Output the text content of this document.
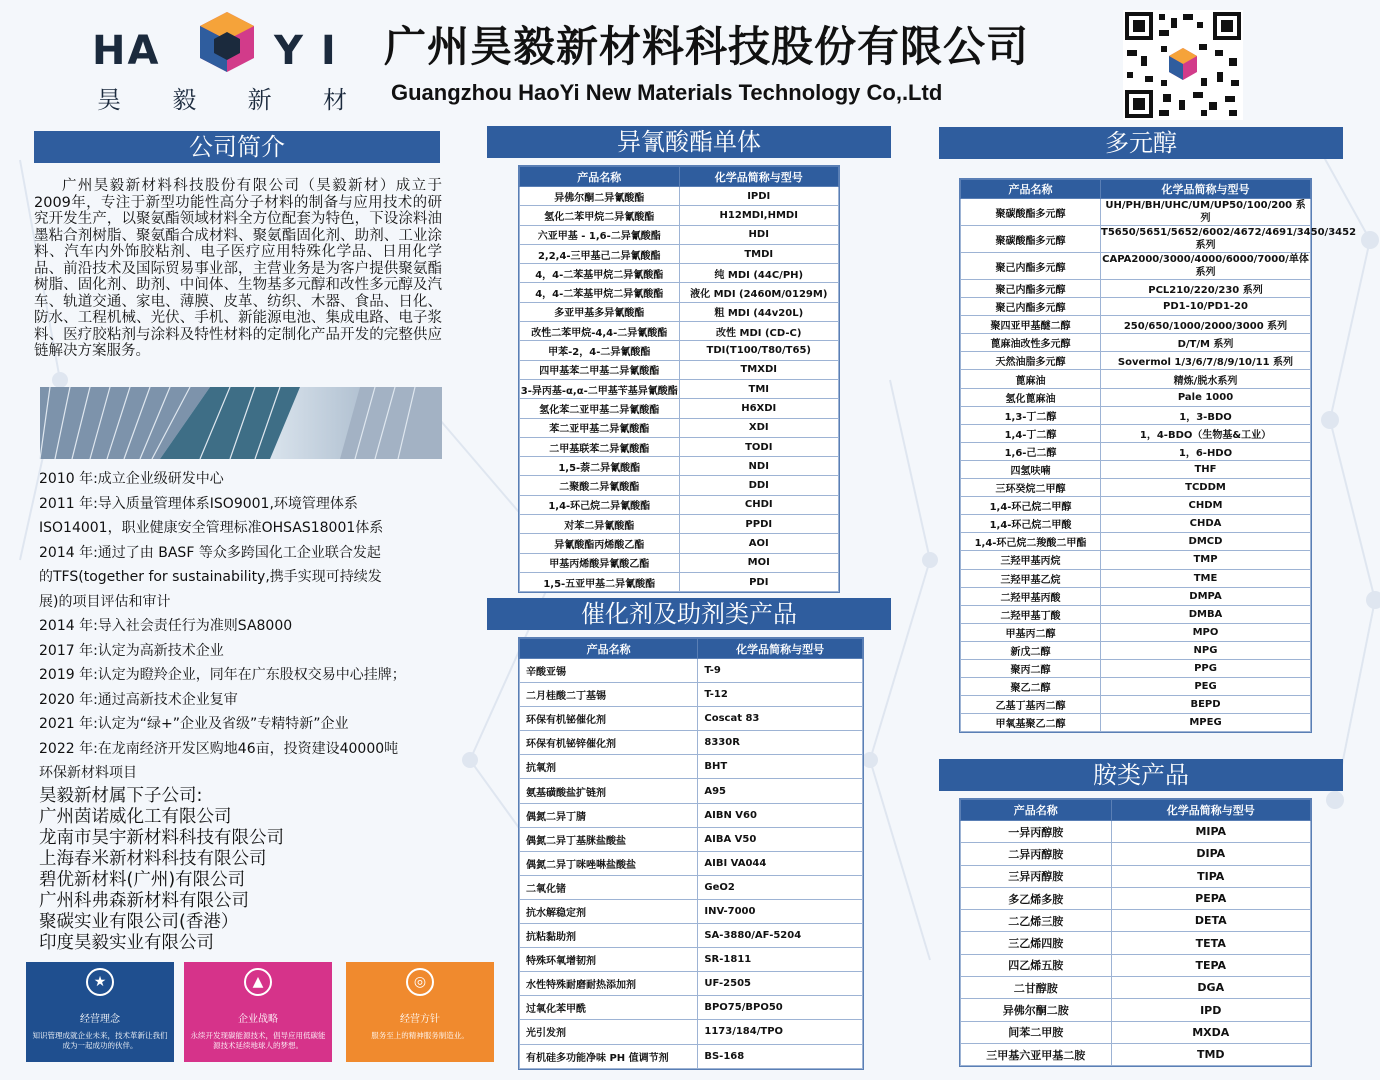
HA	Y I
昊 毅 新 材
广州昊毅新材料科技股份有限公司
Guangzhou HaoYi New Materials Technology Co,.Ltd
公司简介
广州昊毅新材料科技股份有限公司（昊毅新材）成立于2009年，专注于新型功能性高分子材料的制备与应用技术的研究开发生产，以聚氨酯领域材料全方位配套为特色，下设涂料油墨粘合剂树脂、聚氨酯合成材料、聚氨酯固化剂、助剂、工业涂料、汽车内外饰胶粘剂、电子医疗应用特殊化学品、日用化学品、前沿技术及国际贸易事业部，主营业务是为客户提供聚氨酯树脂、固化剂、助剂、中间体、生物基多元醇和改性多元醇及汽车、轨道交通、家电、薄膜、皮革、纺织、木器、食品、日化、防水、工程机械、光伏、手机、新能源电池、集成电路、电子浆料、医疗胶粘剂与涂料及特性材料的定制化产品开发的完整供应链解决方案服务。
2010 年:成立企业级研发中心
2011 年:导入质量管理体系ISO9001,环境管理体系
ISO14001，职业健康安全管理标准OHSAS18001体系
2014 年:通过了由 BASF 等众多跨国化工企业联合发起
的TFS(together for sustainability,携手实现可持续发
展)的项目评估和审计
2014 年:导入社会责任行为准则SA8000
2017 年:认定为高新技术企业
2019 年:认定为瞪羚企业，同年在广东股权交易中心挂牌；
2020 年:通过高新技术企业复审
2021 年:认定为“绿+”企业及省级”专精特新”企业
2022 年:在龙南经济开发区购地46亩，投资建设40000吨
环保新材料项目
昊毅新材属下子公司:
广州茵诺威化工有限公司
龙南市昊宇新材料科技有限公司
上海春米新材料科技有限公司
碧优新材料(广州)有限公司
广州科弗森新材料有限公司
聚碳实业有限公司(香港）
印度昊毅实业有限公司
★
经营理念
知识管理成就企业未来，技术革新让我们成为一起成功的伙伴。
▲
企业战略
永续开发现碳能源技术，倡导应用低碳能源技术延续地球人的梦想。
◎
经营方针
服务至上的精神服务制造业。
异氰酸酯单体
产品名称	化学品简称与型号
异佛尔酮二异氰酸酯	IPDI
氢化二苯甲烷二异氰酸酯	H12MDI,HMDI
六亚甲基 - 1,6-二异氰酸酯	HDI
2,2,4-三甲基己二异氰酸酯	TMDI
4，4-二苯基甲烷二异氰酸酯	纯 MDI (44C/PH)
4，4-二苯基甲烷二异氰酸酯	液化 MDI (2460M/0129M)
多亚甲基多异氰酸酯	粗 MDI (44v20L)
改性二苯甲烷-4,4-二异氰酸酯	改性 MDI (CD-C)
甲苯-2，4-二异氰酸酯	TDI(T100/T80/T65)
四甲基苯二甲基二异氰酸酯	TMXDI
3-异丙基-α,α-二甲基苄基异氰酸酯	TMI
氢化苯二亚甲基二异氰酸酯	H6XDI
苯二亚甲基二异氰酸酯	XDI
二甲基联苯二异氰酸酯	TODI
1,5-萘二异氰酸酯	NDI
二聚酸二异氰酸酯	DDI
1,4-环己烷二异氰酸酯	CHDI
对苯二异氰酸酯	PPDI
异氰酸酯丙烯酸乙酯	AOI
甲基丙烯酸异氰酸乙酯	MOI
1,5-五亚甲基二异氰酸酯	PDI
催化剂及助剂类产品
产品名称	化学品简称与型号
辛酸亚锡	T-9
二月桂酸二丁基锡	T-12
环保有机铋催化剂	Coscat 83
环保有机铋锌催化剂	8330R
抗氧剂	BHT
氨基磺酸盐扩链剂	A95
偶氮二异丁腈	AIBN V60
偶氮二异丁基脒盐酸盐	AIBA V50
偶氮二异丁咪唑啉盐酸盐	AIBI VA044
二氧化锗	GeO2
抗水解稳定剂	INV-7000
抗粘黏助剂	SA-3880/AF-5204
特殊环氧增韧剂	SR-1811
水性特殊耐磨耐热添加剂	UF-2505
过氧化苯甲酰	BPO75/BPO50
光引发剂	1173/184/TPO
有机硅多功能净味 PH 值调节剂	BS-168
多元醇
产品名称	化学品简称与型号
聚碳酸酯多元醇	UH/PH/BH/UHC/UM/UP50/100/200 系列
聚碳酸酯多元醇	T5650/5651/5652/6002/4672/4691/3450/3452 系列
聚己内酯多元醇	CAPA2000/3000/4000/6000/7000/单体系列
聚己内酯多元醇	PCL210/220/230 系列
聚己内酯多元醇	PD1-10/PD1-20
聚四亚甲基醚二醇	250/650/1000/2000/3000 系列
蓖麻油改性多元醇	D/T/M 系列
天然油脂多元醇	Sovermol 1/3/6/7/8/9/10/11 系列
蓖麻油	精炼/脱水系列
氢化蓖麻油	Pale 1000
1,3-丁二醇	1，3-BDO
1,4-丁二醇	1，4-BDO（生物基&工业）
1,6-己二醇	1，6-HDO
四氢呋喃	THF
三环癸烷二甲醇	TCDDM
1,4-环己烷二甲醇	CHDM
1,4-环己烷二甲酸	CHDA
1,4-环己烷二羧酸二甲酯	DMCD
三羟甲基丙烷	TMP
三羟甲基乙烷	TME
二羟甲基丙酸	DMPA
二羟甲基丁酸	DMBA
甲基丙二醇	MPO
新戊二醇	NPG
聚丙二醇	PPG
聚乙二醇	PEG
乙基丁基丙二醇	BEPD
甲氧基聚乙二醇	MPEG
胺类产品
产品名称	化学品简称与型号
一异丙醇胺	MIPA
二异丙醇胺	DIPA
三异丙醇胺	TIPA
多乙烯多胺	PEPA
二乙烯三胺	DETA
三乙烯四胺	TETA
四乙烯五胺	TEPA
二甘醇胺	DGA
异佛尔酮二胺	IPD
间苯二甲胺	MXDA
三甲基六亚甲基二胺	TMD
